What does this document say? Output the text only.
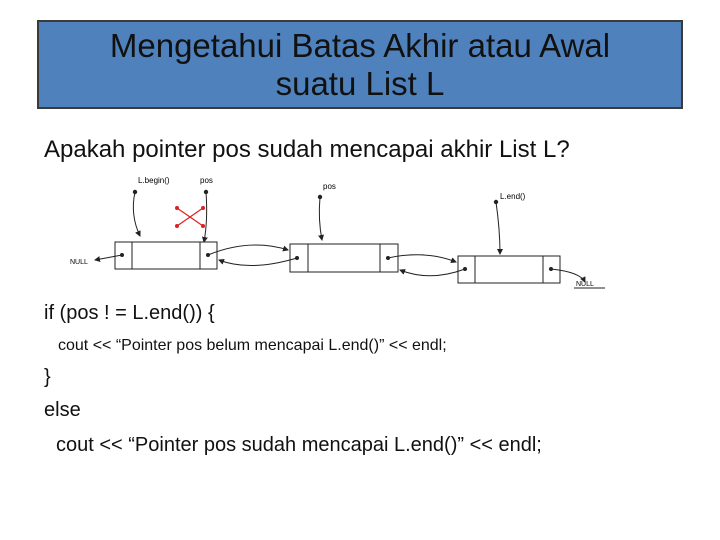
Mengetahui Batas Akhir atau Awal
suatu List L
Apakah pointer pos sudah mencapai akhir List L?
L.begin()	pos
pos
L.end()
NULL
NULL
if (pos ! = L.end()) {
cout << “Pointer pos belum mencapai L.end()” << endl;
}
else
cout << “Pointer pos sudah mencapai L.end()” << endl;
